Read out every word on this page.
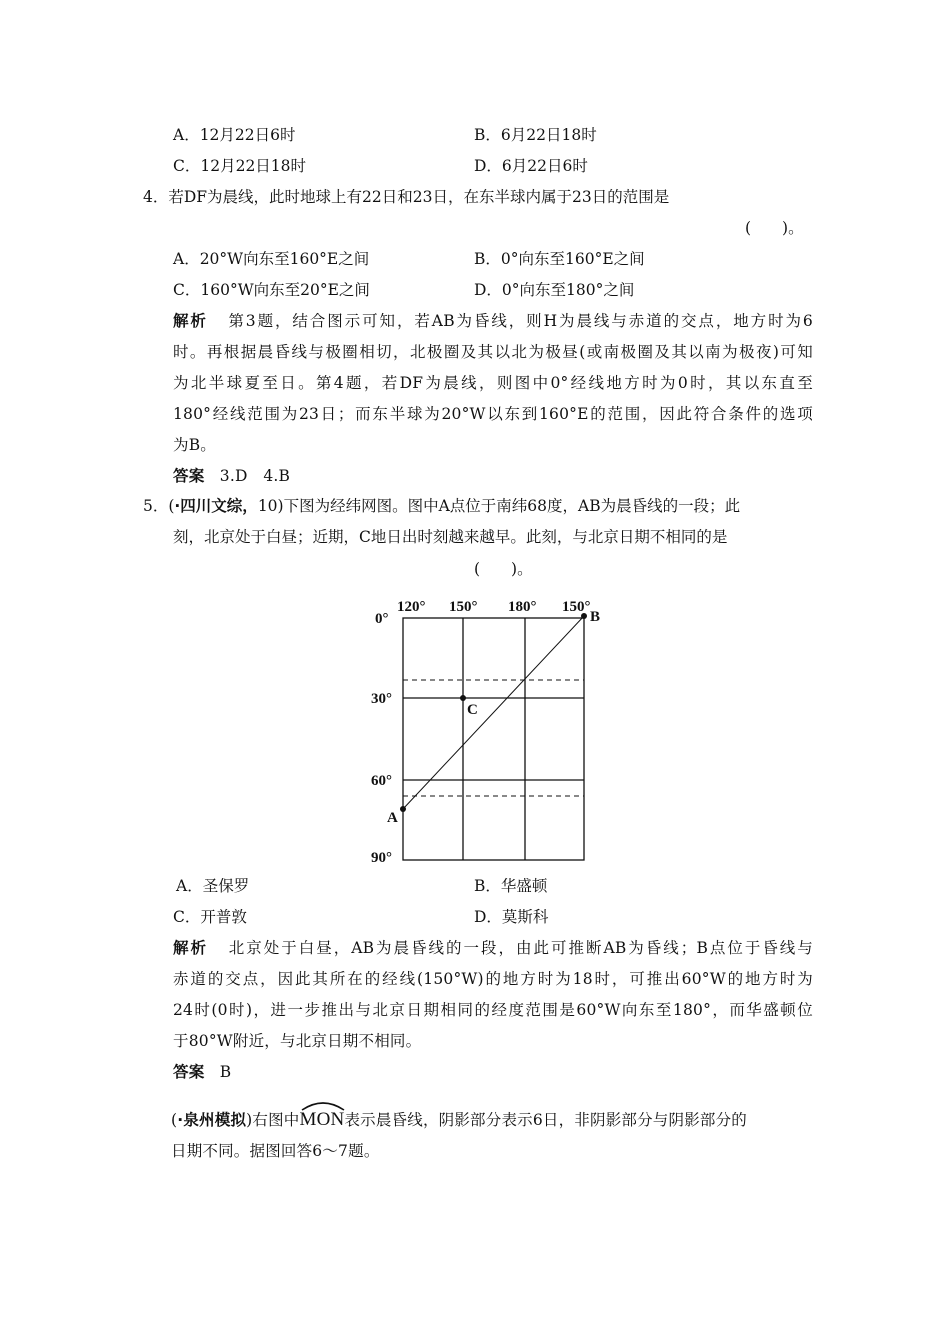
A．12月22日6时	B．6月22日18时
C．12月22日18时	D．6月22日6时
4．若DF为晨线，此时地球上有22日和23日，在东半球内属于23日的范围是
(　　)。
A．20°W向东至160°E之间	B．0°向东至160°E之间
C．160°W向东至20°E之间	D．0°向东至180°之间
解析 第3题，结合图示可知，若AB为昏线，则H为晨线与赤道的交点，地方时为6
时。再根据晨昏线与极圈相切，北极圈及其以北为极昼(或南极圈及其以南为极夜)可知
为北半球夏至日。第4题，若DF为晨线，则图中0°经线地方时为0时，其以东直至
180°经线范围为23日；而东半球为20°W以东到160°E的范围，因此符合条件的选项
为B。
答案 3.D　4.B
5．(·四川文综，10)下图为经纬网图。图中A点位于南纬68度，AB为晨昏线的一段；此
刻，北京处于白昼；近期，C地日出时刻越来越早。此刻，与北京日期不相同的是
(　　)。
120° 150° 180° 150°
0°
30°
60°
90°
A
B
C
A．圣保罗	B．华盛顿
C．开普敦	D．莫斯科
解析 北京处于白昼，AB为晨昏线的一段，由此可推断AB为昏线；B点位于昏线与
赤道的交点，因此其所在的经线(150°W)的地方时为18时，可推出60°W的地方时为
24时(0时)，进一步推出与北京日期相同的经度范围是60°W向东至180°，而华盛顿位
于80°W附近，与北京日期不相同。
答案 B
(·泉州模拟)右图中
MON表示晨昏线，阴影部分表示6日，非阴影部分与阴影部分的
日期不同。据图回答6～7题。
